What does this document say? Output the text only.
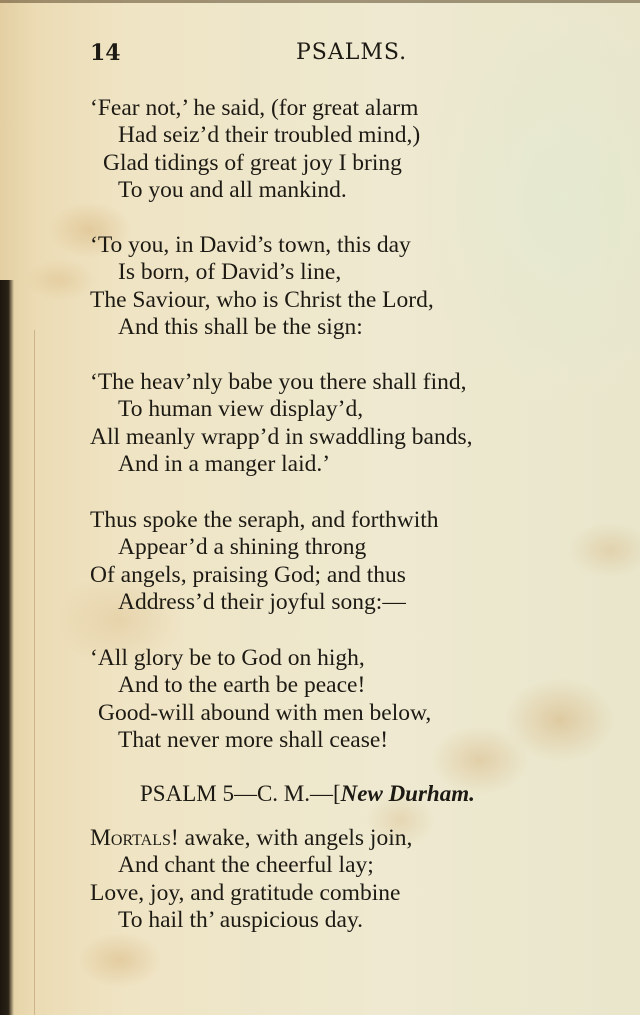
14	PSALMS.
‘Fear not,’ he said, (for great alarm
Had seiz’d their troubled mind,)
Glad tidings of great joy I bring
To you and all mankind.
‘To you, in David’s town, this day
Is born, of David’s line,
The Saviour, who is Christ the Lord,
And this shall be the sign:
‘The heav’nly babe you there shall find,
To human view display’d,
All meanly wrapp’d in swaddling bands,
And in a manger laid.’
Thus spoke the seraph, and forthwith
Appear’d a shining throng
Of angels, praising God; and thus
Address’d their joyful song:—
‘All glory be to God on high,
And to the earth be peace!
Good-will abound with men below,
That never more shall cease!
PSALM 5—C. M.—[New Durham.
Mortals! awake, with angels join,
And chant the cheerful lay;
Love, joy, and gratitude combine
To hail th’ auspicious day.
